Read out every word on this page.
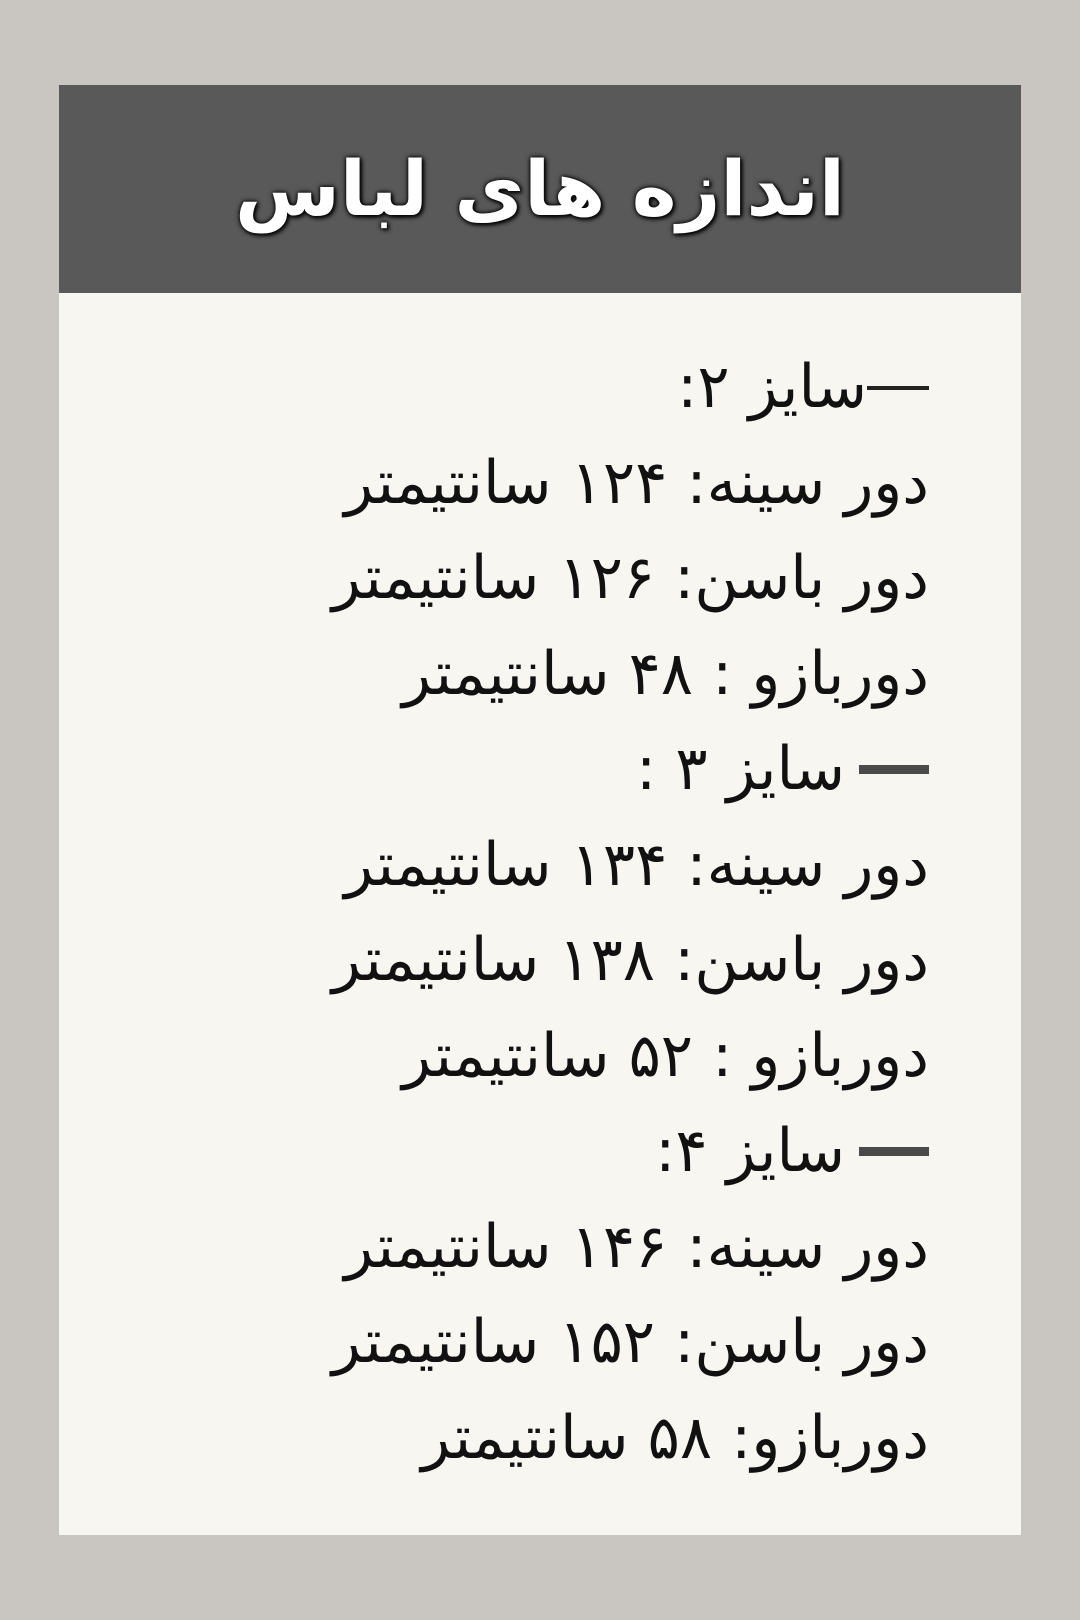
اندازه های لباس
سایز ۲:
دور سینه: ۱۲۴ سانتیمتر
دور باسن: ۱۲۶ سانتیمتر
دوربازو : ۴۸ سانتیمتر
سایز ۳ :
دور سینه: ۱۳۴ سانتیمتر
دور باسن: ۱۳۸ سانتیمتر
دوربازو : ۵۲ سانتیمتر
سایز ۴:
دور سینه: ۱۴۶ سانتیمتر
دور باسن: ۱۵۲ سانتیمتر
دوربازو: ۵۸ سانتیمتر
